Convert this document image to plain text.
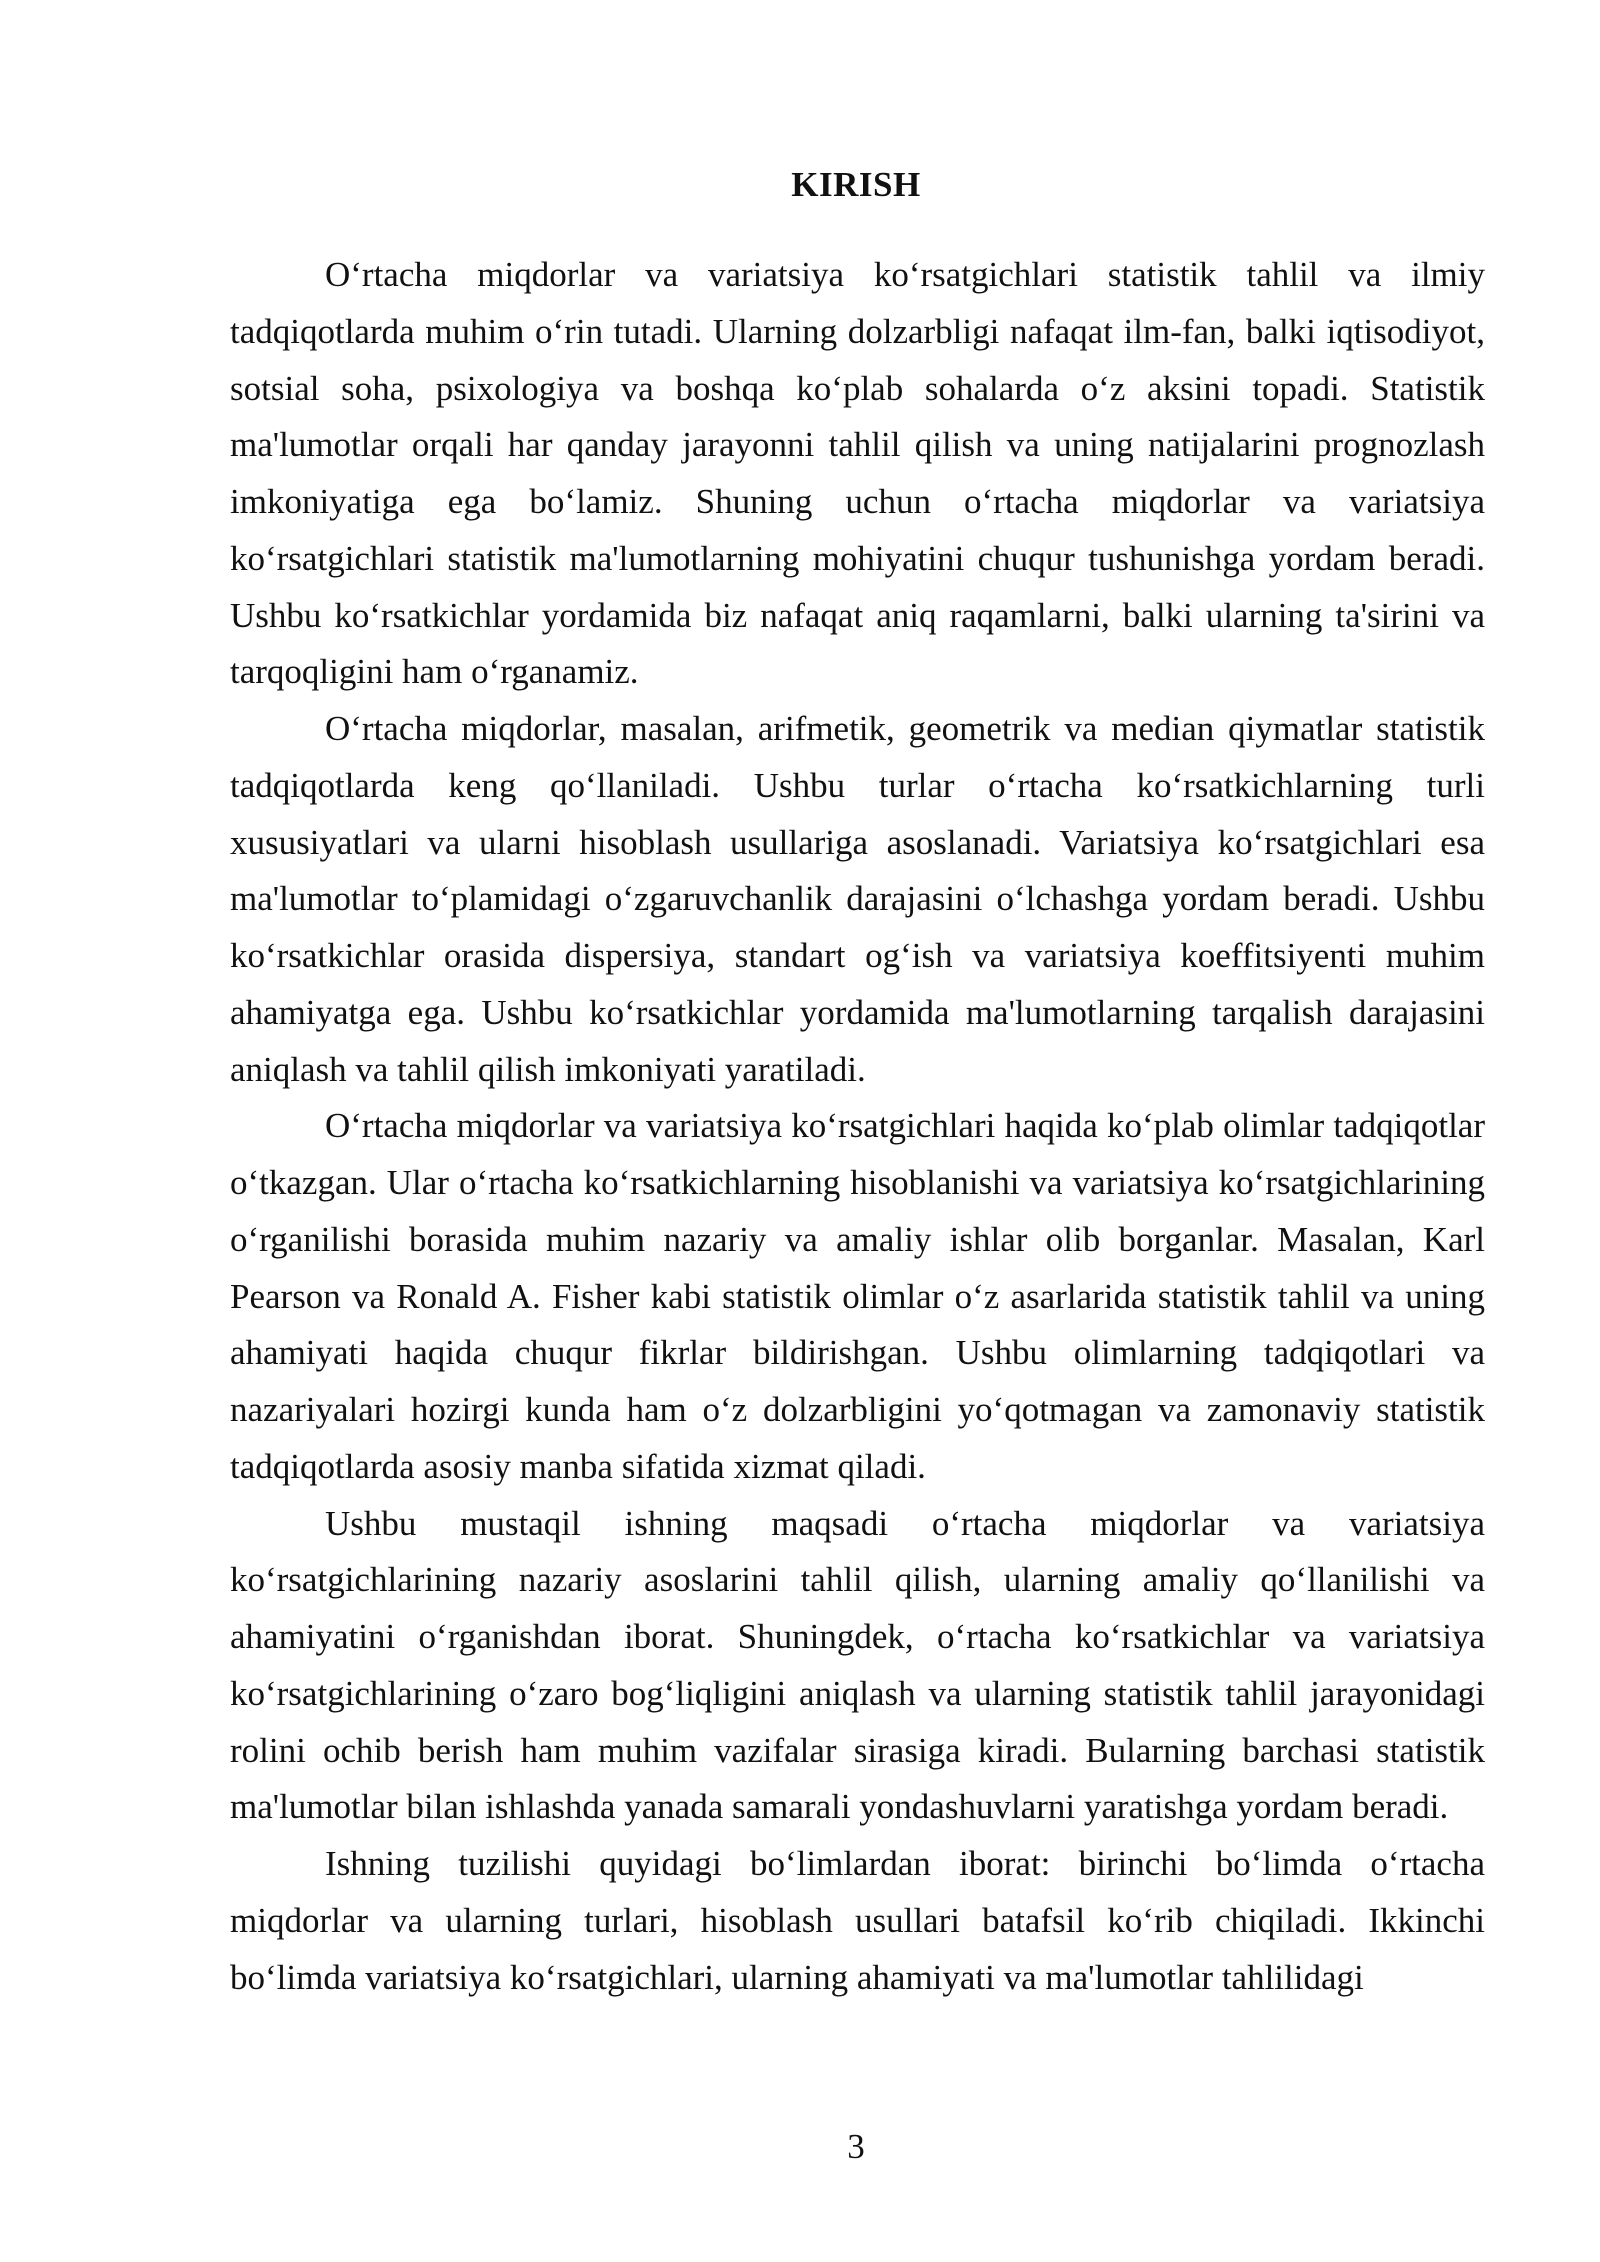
KIRISH

O‘rtacha miqdorlar va variatsiya ko‘rsatgichlari statistik tahlil va ilmiy tadqiqotlarda muhim o‘rin tutadi. Ularning dolzarbligi nafaqat ilm-fan, balki iqtisodiyot, sotsial soha, psixologiya va boshqa ko‘plab sohalarda o‘z aksini topadi. Statistik ma'lumotlar orqali har qanday jarayonni tahlil qilish va uning natijalarini prognozlash imkoniyatiga ega bo‘lamiz. Shuning uchun o‘rtacha miqdorlar va variatsiya ko‘rsatgichlari statistik ma'lumotlarning mohiyatini chuqur tushunishga yordam beradi. Ushbu ko‘rsatkichlar yordamida biz nafaqat aniq raqamlarni, balki ularning ta'sirini va tarqoqligini ham o‘rganamiz.

O‘rtacha miqdorlar, masalan, arifmetik, geometrik va median qiymatlar statistik tadqiqotlarda keng qo‘llaniladi. Ushbu turlar o‘rtacha ko‘rsatkichlarning turli xususiyatlari va ularni hisoblash usullariga asoslanadi. Variatsiya ko‘rsatgichlari esa ma'lumotlar to‘plamidagi o‘zgaruvchanlik darajasini o‘lchashga yordam beradi. Ushbu ko‘rsatkichlar orasida dispersiya, standart og‘ish va variatsiya koeffitsiyenti muhim ahamiyatga ega. Ushbu ko‘rsatkichlar yordamida ma'lumotlarning tarqalish darajasini aniqlash va tahlil qilish imkoniyati yaratiladi.

O‘rtacha miqdorlar va variatsiya ko‘rsatgichlari haqida ko‘plab olimlar tadqiqotlar o‘tkazgan. Ular o‘rtacha ko‘rsatkichlarning hisoblanishi va variatsiya ko‘rsatgichlarining o‘rganilishi borasida muhim nazariy va amaliy ishlar olib borganlar. Masalan, Karl Pearson va Ronald A. Fisher kabi statistik olimlar o‘z asarlarida statistik tahlil va uning ahamiyati haqida chuqur fikrlar bildirishgan. Ushbu olimlarning tadqiqotlari va nazariyalari hozirgi kunda ham o‘z dolzarbligini yo‘qotmagan va zamonaviy statistik tadqiqotlarda asosiy manba sifatida xizmat qiladi.

Ushbu mustaqil ishning maqsadi o‘rtacha miqdorlar va variatsiya ko‘rsatgichlarining nazariy asoslarini tahlil qilish, ularning amaliy qo‘llanilishi va ahamiyatini o‘rganishdan iborat. Shuningdek, o‘rtacha ko‘rsatkichlar va variatsiya ko‘rsatgichlarining o‘zaro bog‘liqligini aniqlash va ularning statistik tahlil jarayonidagi rolini ochib berish ham muhim vazifalar sirasiga kiradi. Bularning barchasi statistik ma'lumotlar bilan ishlashda yanada samarali yondashuvlarni yaratishga yordam beradi.

Ishning tuzilishi quyidagi bo‘limlardan iborat: birinchi bo‘limda o‘rtacha miqdorlar va ularning turlari, hisoblash usullari batafsil ko‘rib chiqiladi. Ikkinchi bo‘limda variatsiya ko‘rsatgichlari, ularning ahamiyati va ma'lumotlar tahlilidagi

3
